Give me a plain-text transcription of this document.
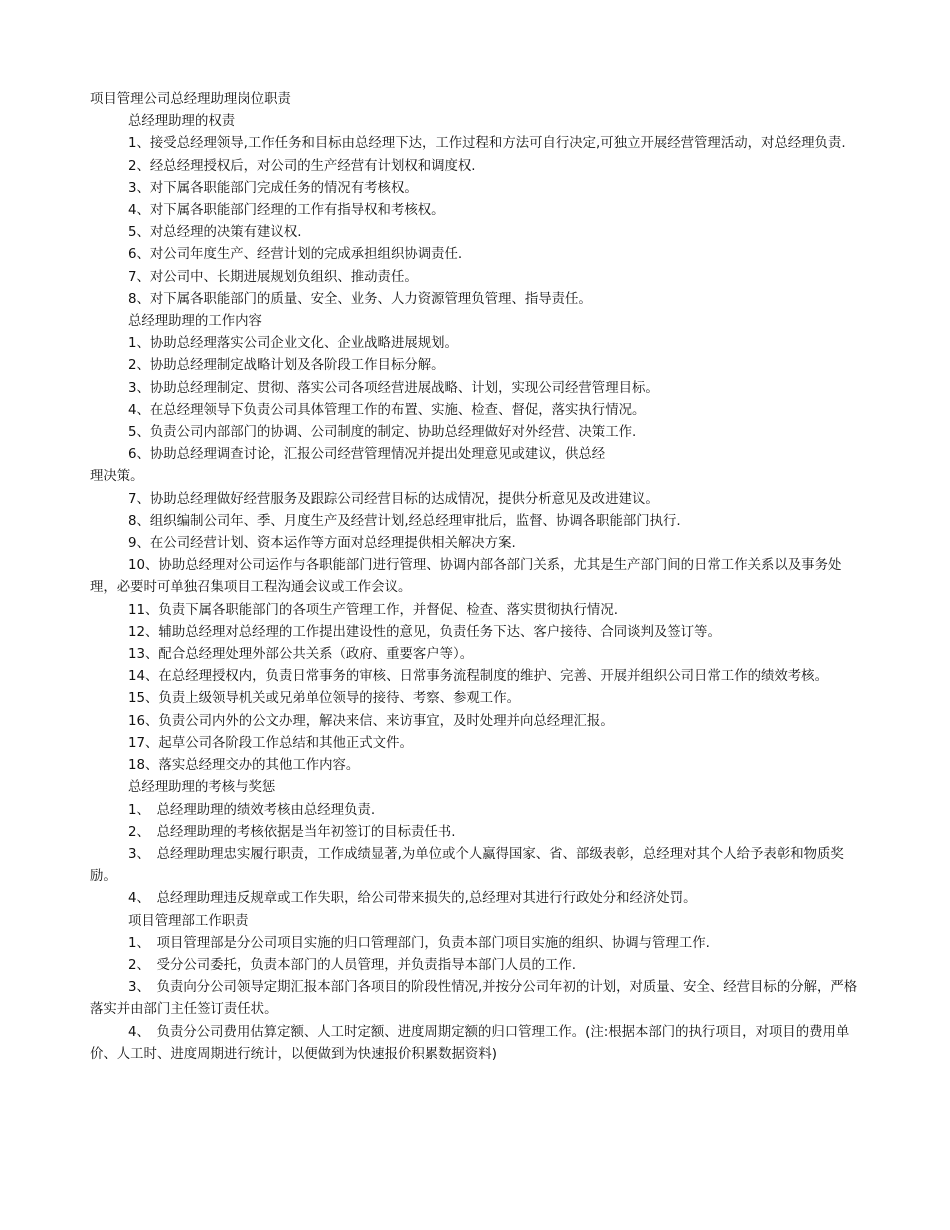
项目管理公司总经理助理岗位职责

总经理助理的权责

1、接受总经理领导,工作任务和目标由总经理下达，工作过程和方法可自行决定,可独立开展经营管理活动，对总经理负责.

2、经总经理授权后，对公司的生产经营有计划权和调度权.

3、对下属各职能部门完成任务的情况有考核权。

4、对下属各职能部门经理的工作有指导权和考核权。

5、对总经理的决策有建议权.

6、对公司年度生产、经营计划的完成承担组织协调责任.

7、对公司中、长期进展规划负组织、推动责任。

8、对下属各职能部门的质量、安全、业务、人力资源管理负管理、指导责任。

总经理助理的工作内容

1、协助总经理落实公司企业文化、企业战略进展规划。

2、协助总经理制定战略计划及各阶段工作目标分解。

3、协助总经理制定、贯彻、落实公司各项经营进展战略、计划，实现公司经营管理目标。

4、在总经理领导下负责公司具体管理工作的布置、实施、检查、督促，落实执行情况。

5、负责公司内部部门的协调、公司制度的制定、协助总经理做好对外经营、决策工作.

6、协助总经理调查讨论，汇报公司经营管理情况并提出处理意见或建议，供总经

理决策。

7、协助总经理做好经营服务及跟踪公司经营目标的达成情况，提供分析意见及改进建议。

8、组织编制公司年、季、月度生产及经营计划,经总经理审批后，监督、协调各职能部门执行.

9、在公司经营计划、资本运作等方面对总经理提供相关解决方案.

10、协助总经理对公司运作与各职能部门进行管理、协调内部各部门关系，尤其是生产部门间的日常工作关系以及事务处理，必要时可单独召集项目工程沟通会议或工作会议。

11、负责下属各职能部门的各项生产管理工作，并督促、检查、落实贯彻执行情况.

12、辅助总经理对总经理的工作提出建设性的意见，负责任务下达、客户接待、合同谈判及签订等。

13、配合总经理处理外部公共关系（政府、重要客户等）。

14、在总经理授权内，负责日常事务的审核、日常事务流程制度的维护、完善、开展并组织公司日常工作的绩效考核。

15、负责上级领导机关或兄弟单位领导的接待、考察、参观工作。

16、负责公司内外的公文办理，解决来信、来访事宜，及时处理并向总经理汇报。

17、起草公司各阶段工作总结和其他正式文件。

18、落实总经理交办的其他工作内容。

总经理助理的考核与奖惩

1、　总经理助理的绩效考核由总经理负责.

2、　总经理助理的考核依据是当年初签订的目标责任书.

3、　总经理助理忠实履行职责，工作成绩显著,为单位或个人赢得国家、省、部级表彰，总经理对其个人给予表彰和物质奖励。

4、　总经理助理违反规章或工作失职，给公司带来损失的,总经理对其进行行政处分和经济处罚。

项目管理部工作职责

1、　项目管理部是分公司项目实施的归口管理部门，负责本部门项目实施的组织、协调与管理工作.

2、　受分公司委托，负责本部门的人员管理，并负责指导本部门人员的工作.

3、　负责向分公司领导定期汇报本部门各项目的阶段性情况,并按分公司年初的计划，对质量、安全、经营目标的分解，严格落实并由部门主任签订责任状。

4、　负责分公司费用估算定额、人工时定额、进度周期定额的归口管理工作。(注:根据本部门的执行项目，对项目的费用单价、人工时、进度周期进行统计，以便做到为快速报价积累数据资料)
